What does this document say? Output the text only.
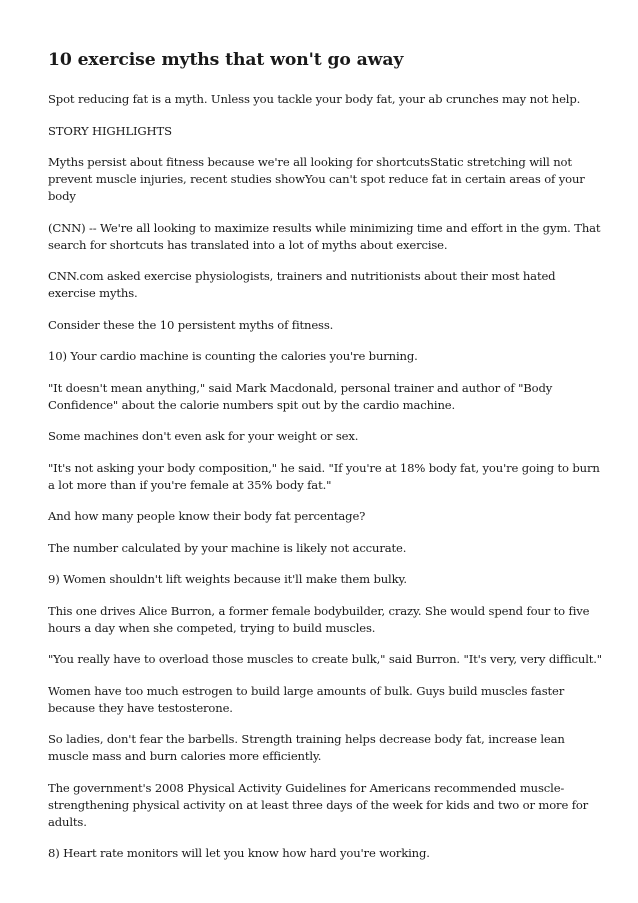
10 exercise myths that won't go away

Spot reducing fat is a myth. Unless you tackle your body fat, your ab crunches may not help.

STORY HIGHLIGHTS

Myths persist about fitness because we're all looking for shortcutsStatic stretching will not prevent muscle injuries, recent studies showYou can't spot reduce fat in certain areas of your body

(CNN) -- We're all looking to maximize results while minimizing time and effort in the gym. That search for shortcuts has translated into a lot of myths about exercise.

CNN.com asked exercise physiologists, trainers and nutritionists about their most hated exercise myths.

Consider these the 10 persistent myths of fitness.

10) Your cardio machine is counting the calories you're burning.

"It doesn't mean anything," said Mark Macdonald, personal trainer and author of "Body Confidence" about the calorie numbers spit out by the cardio machine.

Some machines don't even ask for your weight or sex.

"It's not asking your body composition," he said. "If you're at 18% body fat, you're going to burn a lot more than if you're female at 35% body fat."

And how many people know their body fat percentage?

The number calculated by your machine is likely not accurate.

9) Women shouldn't lift weights because it'll make them bulky.

This one drives Alice Burron, a former female bodybuilder, crazy. She would spend four to five hours a day when she competed, trying to build muscles.

"You really have to overload those muscles to create bulk," said Burron. "It's very, very difficult."

Women have too much estrogen to build large amounts of bulk. Guys build muscles faster because they have testosterone.

So ladies, don't fear the barbells. Strength training helps decrease body fat, increase lean muscle mass and burn calories more efficiently.

The government's 2008 Physical Activity Guidelines for Americans recommended muscle-strengthening physical activity on at least three days of the week for kids and two or more for adults.

8) Heart rate monitors will let you know how hard you're working.
